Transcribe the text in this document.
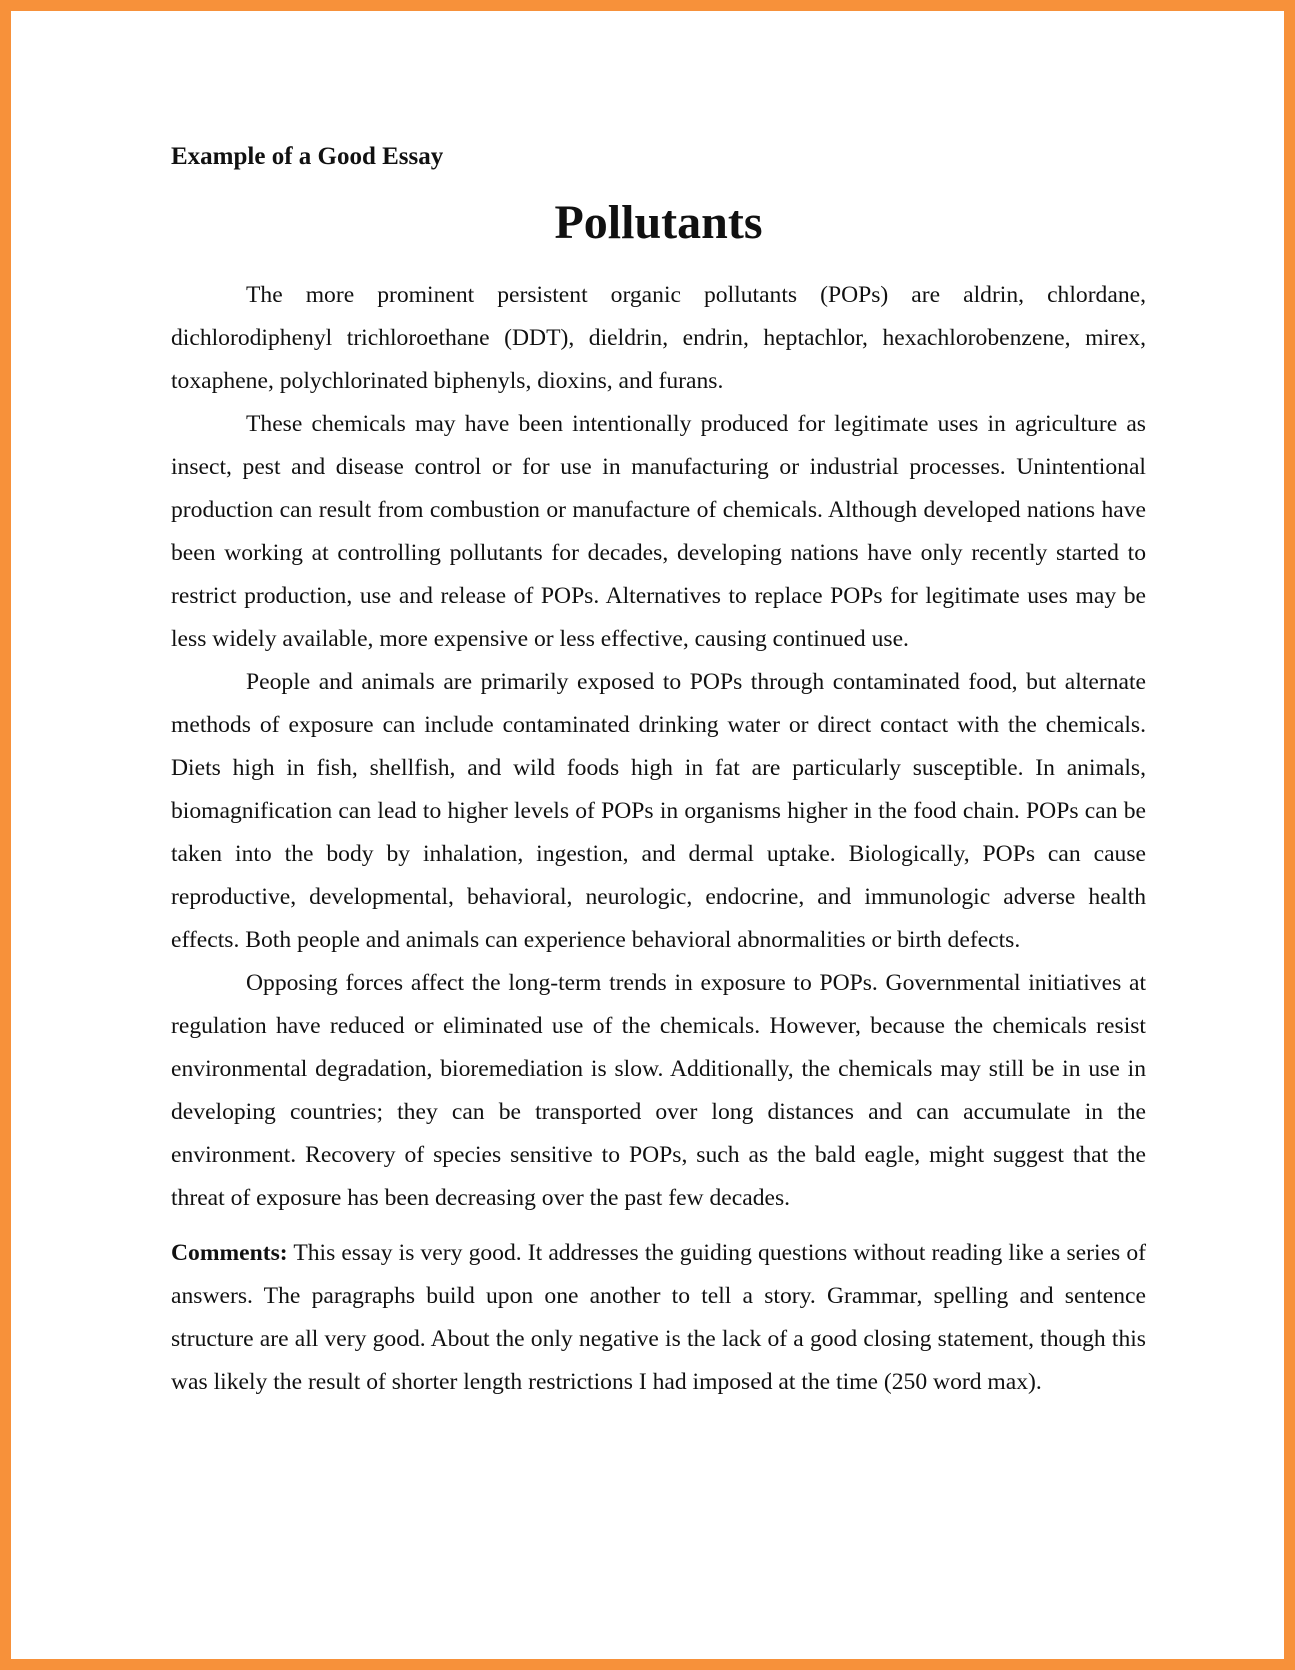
Example of a Good Essay
Pollutants

The more prominent persistent organic pollutants (POPs) are aldrin, chlordane, dichlorodiphenyl trichloroethane (DDT), dieldrin, endrin, heptachlor, hexachlorobenzene, mirex, toxaphene, polychlorinated biphenyls, dioxins, and furans.

These chemicals may have been intentionally produced for legitimate uses in agriculture as insect, pest and disease control or for use in manufacturing or industrial processes. Unintentional production can result from combustion or manufacture of chemicals. Although developed nations have been working at controlling pollutants for decades, developing nations have only recently started to restrict production, use and release of POPs. Alternatives to replace POPs for legitimate uses may be less widely available, more expensive or less effective, causing continued use.

People and animals are primarily exposed to POPs through contaminated food, but alternate methods of exposure can include contaminated drinking water or direct contact with the chemicals. Diets high in fish, shellfish, and wild foods high in fat are particularly susceptible. In animals, biomagnification can lead to higher levels of POPs in organisms higher in the food chain. POPs can be taken into the body by inhalation, ingestion, and dermal uptake. Biologically, POPs can cause reproductive, developmental, behavioral, neurologic, endocrine, and immunologic adverse health effects. Both people and animals can experience behavioral abnormalities or birth defects.

Opposing forces affect the long-term trends in exposure to POPs. Governmental initiatives at regulation have reduced or eliminated use of the chemicals. However, because the chemicals resist environmental degradation, bioremediation is slow. Additionally, the chemicals may still be in use in developing countries; they can be transported over long distances and can accumulate in the environment. Recovery of species sensitive to POPs, such as the bald eagle, might suggest that the threat of exposure has been decreasing over the past few decades.

Comments: This essay is very good. It addresses the guiding questions without reading like a series of answers. The paragraphs build upon one another to tell a story. Grammar, spelling and sentence structure are all very good. About the only negative is the lack of a good closing statement, though this was likely the result of shorter length restrictions I had imposed at the time (250 word max).
